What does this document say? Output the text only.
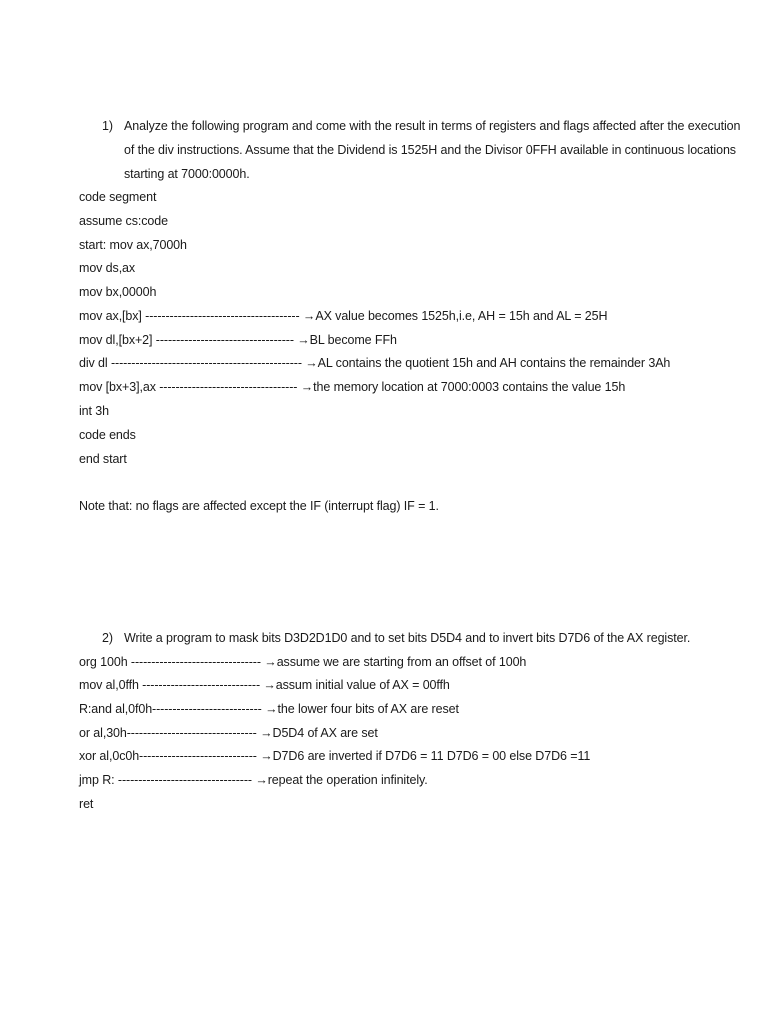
1) Analyze the following program and come with the result in terms of registers and flags affected after the execution
of the div instructions. Assume that the Dividend is 1525H and the Divisor 0FFH available in continuous locations
starting at 7000:0000h.
code segment
assume cs:code
start: mov ax,7000h
mov ds,ax
mov bx,0000h
mov ax,[bx] -------------------------------------- →AX value becomes 1525h,i.e, AH = 15h and AL = 25H
mov dl,[bx+2] ---------------------------------- →BL become FFh
div dl ----------------------------------------------- →AL contains the quotient 15h and AH contains the remainder 3Ah
mov [bx+3],ax ---------------------------------- →the memory location at 7000:0003 contains the value 15h
int 3h
code ends
end start
Note that: no flags are affected except the IF (interrupt flag) IF = 1.
2) Write a program to mask bits D3D2D1D0 and to set bits D5D4 and to invert bits D7D6 of the AX register.
org 100h -------------------------------- →assume we are starting from an offset of 100h
mov al,0ffh ----------------------------- →assum initial value of AX = 00ffh
R:and al,0f0h--------------------------- →the lower four bits of AX are reset
or al,30h-------------------------------- →D5D4 of AX are set
xor al,0c0h----------------------------- →D7D6 are inverted if D7D6 = 11 D7D6 = 00 else D7D6 =11
jmp R: --------------------------------- →repeat the operation infinitely.
ret
